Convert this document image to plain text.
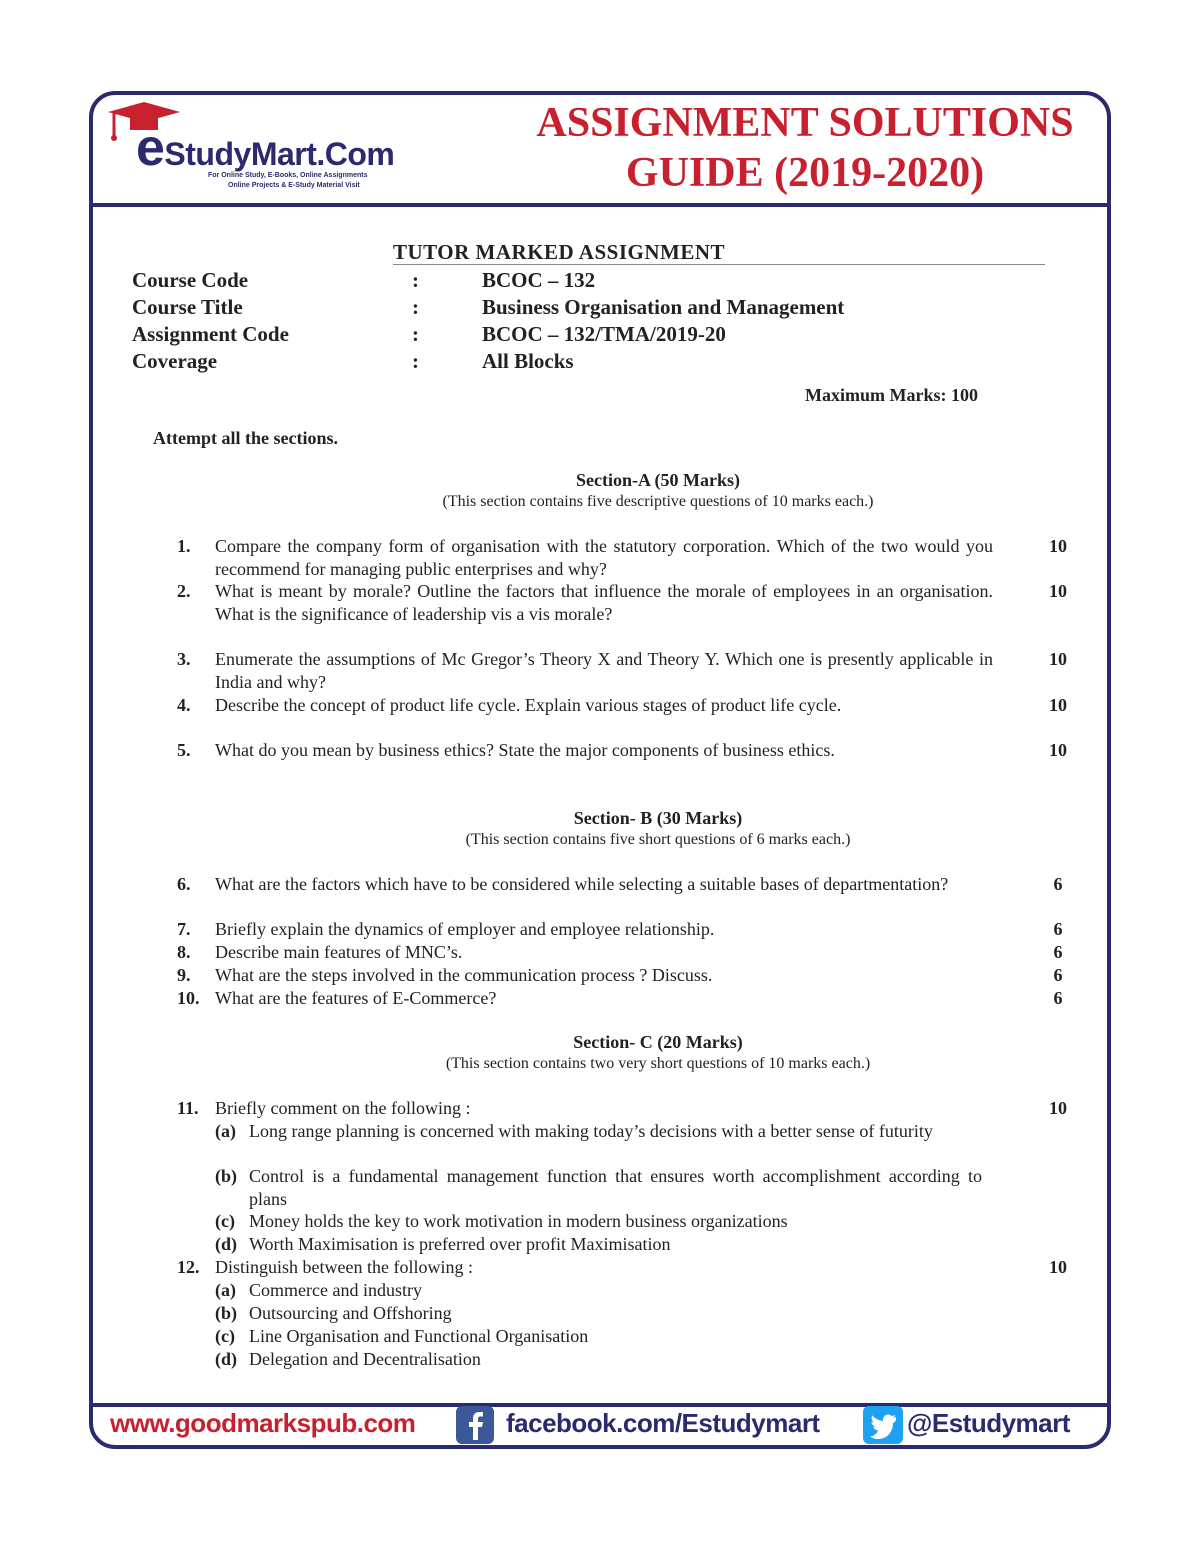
eStudyMart.Com
For Online Study, E-Books, Online Assignments
Online Projects & E-Study Material Visit
ASSIGNMENT SOLUTIONS
GUIDE (2019-2020)
TUTOR MARKED ASSIGNMENT
Course Code	:	BCOC – 132
Course Title	:	Business Organisation and Management
Assignment Code	:	BCOC – 132/TMA/2019-20
Coverage	:	All Blocks
Maximum Marks: 100
Attempt all the sections.
Section-A (50 Marks)
(This section contains five descriptive questions of 10 marks each.)
1. Compare the company form of organisation with the statutory corporation. Which of the two would you recommend for managing public enterprises and why?
10
2. What is meant by morale? Outline the factors that influence the morale of employees in an organisation. What is the significance of leadership vis a vis morale?
10
3. Enumerate the assumptions of Mc Gregor’s Theory X and Theory Y. Which one is presently applicable in India and why?
10
4. Describe the concept of product life cycle. Explain various stages of product life cycle.	10
5. What do you mean by business ethics? State the major components of business ethics.	10
Section- B (30 Marks)
(This section contains five short questions of 6 marks each.)
6. What are the factors which have to be considered while selecting a suitable bases of departmentation?	6
7. Briefly explain the dynamics of employer and employee relationship.	6
8. Describe main features of MNC’s.	6
9. What are the steps involved in the communication process ? Discuss.	6
10. What are the features of E-Commerce?	6
Section- C (20 Marks)
(This section contains two very short questions of 10 marks each.)
11. Briefly comment on the following :	10
(a) Long range planning is concerned with making today’s decisions with a better sense of futurity
(b) Control is a fundamental management function that ensures worth accomplishment according to plans
(c) Money holds the key to work motivation in modern business organizations
(d) Worth Maximisation is preferred over profit Maximisation
12. Distinguish between the following :	10
(a) Commerce and industry
(b) Outsourcing and Offshoring
(c) Line Organisation and Functional Organisation
(d) Delegation and Decentralisation
www.goodmarkspub.com	facebook.com/Estudymart	@Estudymart
